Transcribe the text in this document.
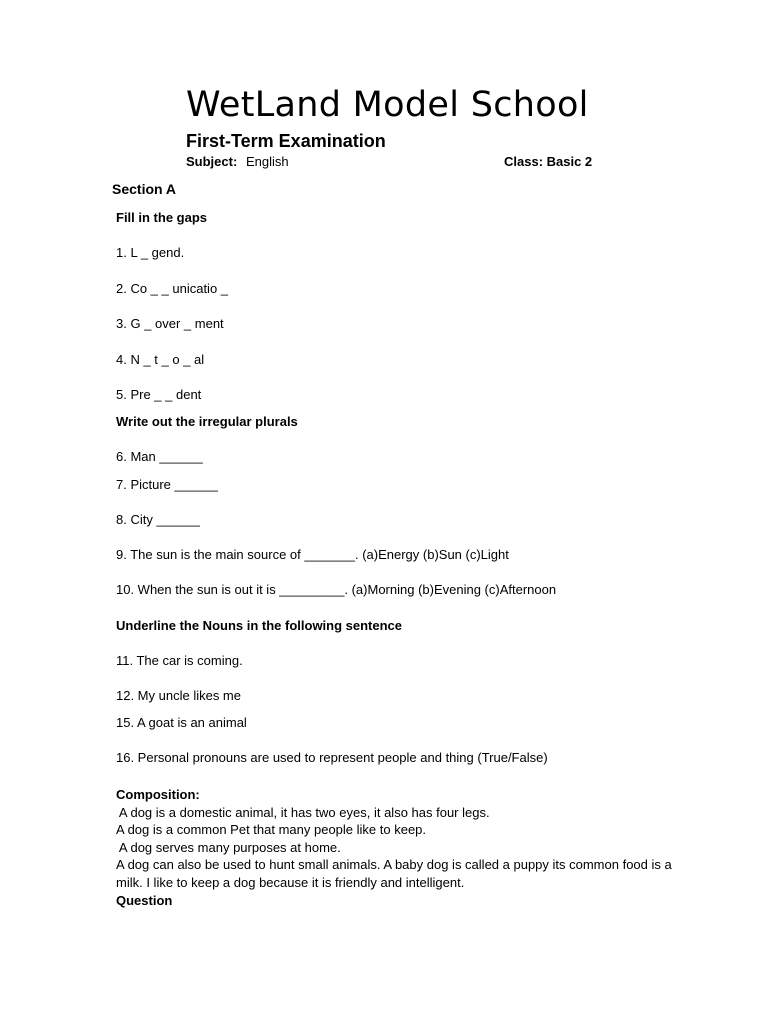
WetLand Model School
First-Term Examination
Subject: English	Class: Basic 2
Section A
Fill in the gaps
1. L _ gend.
2. Co _ _ unicatio _
3. G _ over _ ment
4. N _ t _ o _ al
5. Pre _ _ dent
Write out the irregular plurals
6. Man ______
7. Picture ______
8. City ______
9. The sun is the main source of _______. (a)Energy (b)Sun (c)Light
10. When the sun is out it is _________. (a)Morning (b)Evening (c)Afternoon
Underline the Nouns in the following sentence
11. The car is coming.
12. My uncle likes me
15. A goat is an animal
16. Personal pronouns are used to represent people and thing (True/False)
Composition:
A dog is a domestic animal, it has two eyes, it also has four legs.
A dog is a common Pet that many people like to keep.
A dog serves many purposes at home.
A dog can also be used to hunt small animals. A baby dog is called a puppy its common food is a
milk. I like to keep a dog because it is friendly and intelligent.
Question
